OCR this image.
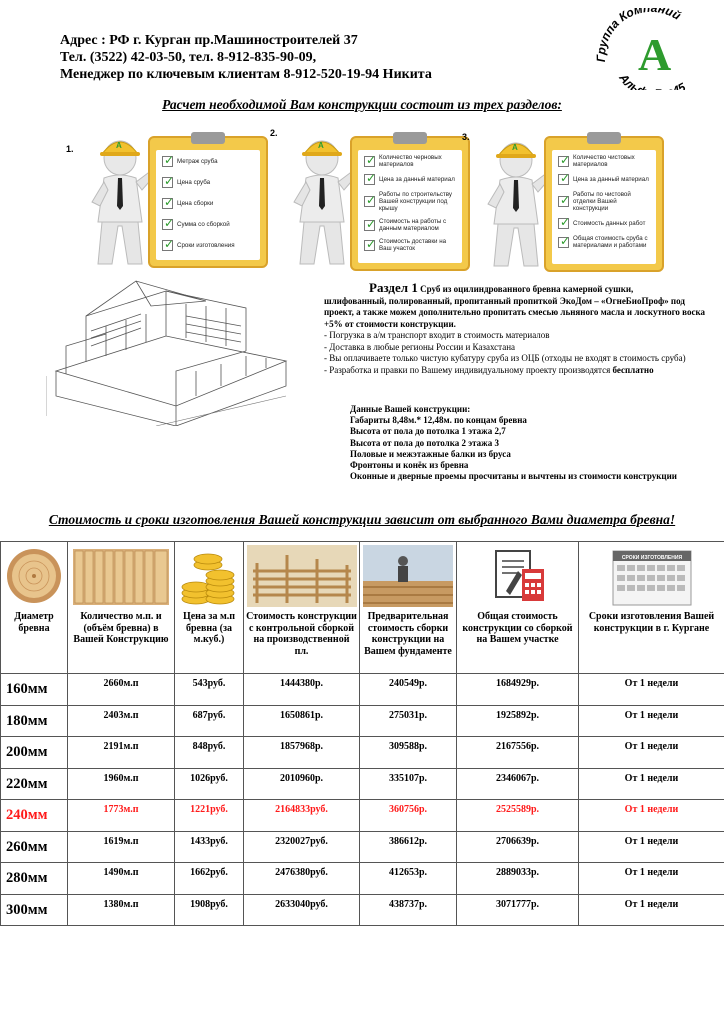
Адрес : РФ г. Курган пр.Машиностроителей 37
Тел. (3522) 42-03-50, тел. 8-912-835-90-09,
Менеджер по ключевым клиентам 8-912-520-19-94 Никита
уппа Компаний
А
Аль 5
Расчет необходимой Вам конструкции состоит из трех разделов:
1.	А
✓
Метраж сруба
✓
Цена сруба
✓
Цена сборки
✓
Сумма со сборкой
✓
Сроки изготовления
2.
А
✓
Количество черновых материалов
✓
Цена за данный материал
✓
Работы по строительству Вашей конструкции под крышу
✓
Стоимость на работы с данным материалом
✓
Стоимость доставки на Ваш участок
3.
А
✓
Количество чистовых материалов
✓
Цена за данный материал
✓
Работы по чистовой отделки Вашей конструкции
✓
Стоимость данных работ
✓
Общая стоимость сруба с материалами и работами
Раздел 1 Сруб из оцилиндрованного бревна камерной сушки,
шлифованный, полированный, пропитанный пропиткой ЭкоДом – «ОгнеБиоПроф» под проект, а также можем дополнительно пропитать смесью льняного масла и лоскутного воска +5% от стоимости конструкции.
- Погрузка в а/м транспорт входит в стоимость материалов
- Доставка в любые регионы России и Казахстана
- Вы оплачиваете только чистую кубатуру сруба из ОЦБ (отходы не входят в стоимость сруба)
- Разработка и правки по Вашему индивидуальному проекту производятся бесплатно
Данные Вашей конструкции:
Габариты 8,48м.* 12,48м. по концам бревна
Высота от пола до потолка 1 этажа 2,7
Высота от пола до потолка 2 этажа 3
Половые и межэтажные балки из бруса
Фронтоны и конёк из бревна
Оконные и дверные проемы просчитаны и вычтены из стоимости конструкции
Стоимость и сроки изготовления Вашей конструкции зависит от выбранного Вами диаметра бревна!
Диаметр бревна	Количество м.п. и (объём бревна) в Вашей Конструкцию	Цена за м.п бревна (за м.куб.)	Стоимость конструкции с контрольной сборкой на производственной пл.	Предварительная стоимость сборки конструкции на Вашем фундаменте	Общая стоимость конструкции со сборкой на Вашем участке	СРОКИ ИЗГОТОВЛЕНИЯ
Сроки изготовления Вашей конструкции в г. Кургане

160мм	2660м.п	543руб.	1444380р.	240549р.	1684929р.	От 1 недели
180мм	2403м.п	687руб.	1650861р.	275031р.	1925892р.	От 1 недели
200мм	2191м.п	848руб.	1857968р.	309588р.	2167556р.	От 1 недели
220мм	1960м.п	1026руб.	2010960р.	335107р.	2346067р.	От 1 недели
240мм	1773м.п	1221руб.	2164833руб.	360756р.	2525589р.	От 1 недели
260мм	1619м.п	1433руб.	2320027руб.	386612р.	2706639р.	От 1 недели
280мм	1490м.п	1662руб.	2476380руб.	412653р.	2889033р.	От 1 недели
300мм	1380м.п	1908руб.	2633040руб.	438737р.	3071777р.	От 1 недели
